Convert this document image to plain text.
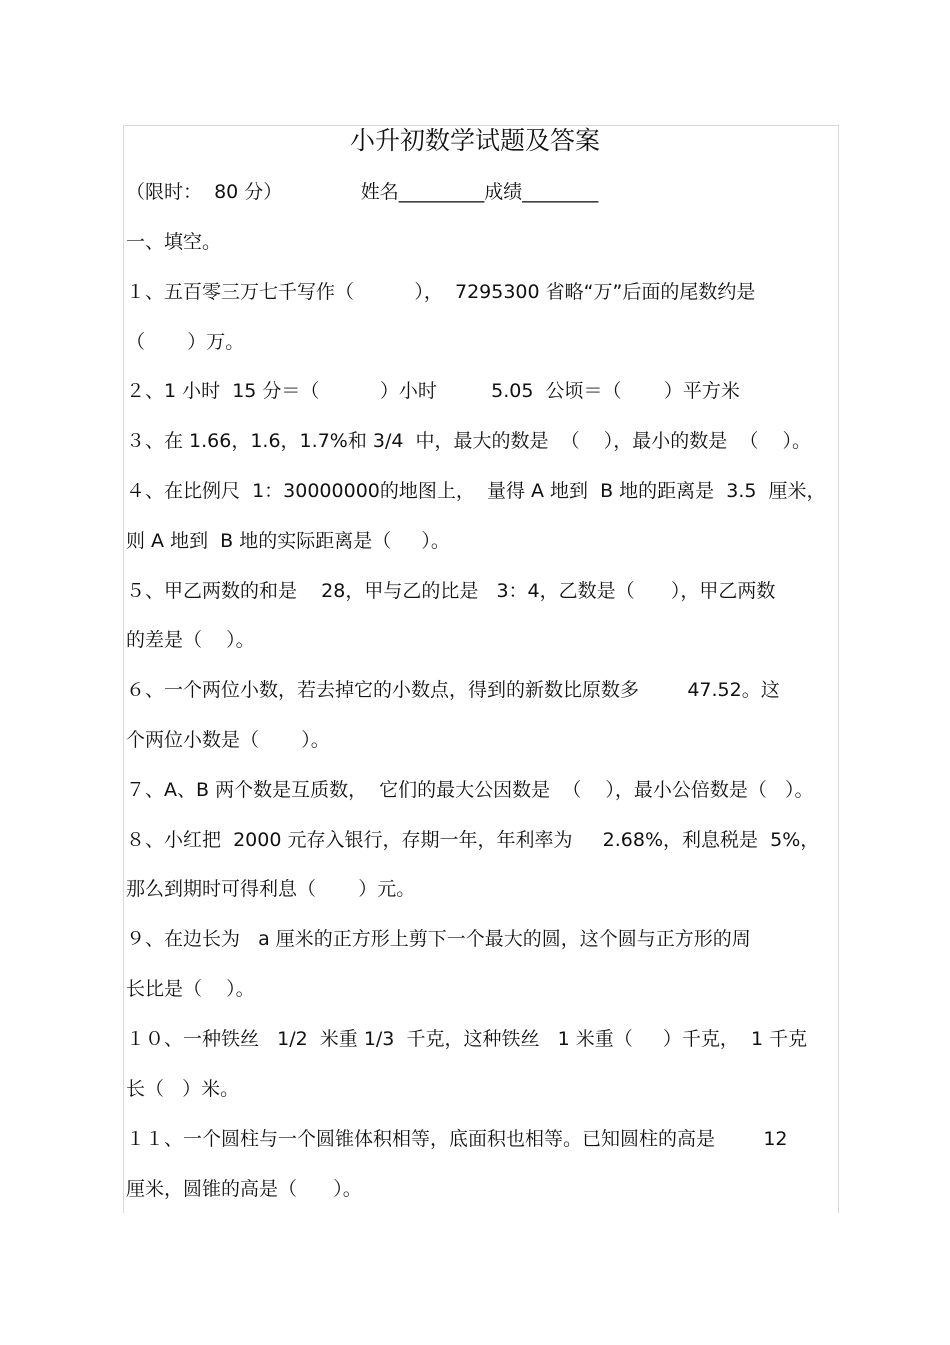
小升初数学试题及答案
（限时：  80 分）             姓名_________成绩________
一、填空。
１、五百零三万七千写作（          ），  7295300 省略“万”后面的尾数约是
（       ）万。
２、1 小时  15 分＝（          ）小时         5.05  公顷＝（       ）平方米
３、在 1.66，1.6，1.7%和 3/4  中，最大的数是  （    ），最小的数是  （    ）。
４、在比例尺  1：30000000的地图上，  量得 A 地到  B 地的距离是  3.5  厘米，
则 A 地到  B 地的实际距离是（     ）。
５、甲乙两数的和是    28，甲与乙的比是   3：4，乙数是（      ），甲乙两数
的差是（    ）。
６、一个两位小数，若去掉它的小数点，得到的新数比原数多        47.52。这
个两位小数是（       ）。
７、A、B 两个数是互质数，  它们的最大公因数是  （    ），最小公倍数是（   ）。
８、小红把  2000 元存入银行，存期一年，年利率为     2.68%，利息税是  5%，
那么到期时可得利息（       ）元。
９、在边长为   a 厘米的正方形上剪下一个最大的圆，这个圆与正方形的周
长比是（    ）。
１０、一种铁丝   1/2  米重 1/3  千克，这种铁丝   1 米重（     ）千克，  1 千克
长（   ）米。
１１、一个圆柱与一个圆锥体积相等，底面积也相等。已知圆柱的高是        12
厘米，圆锥的高是（      ）。
